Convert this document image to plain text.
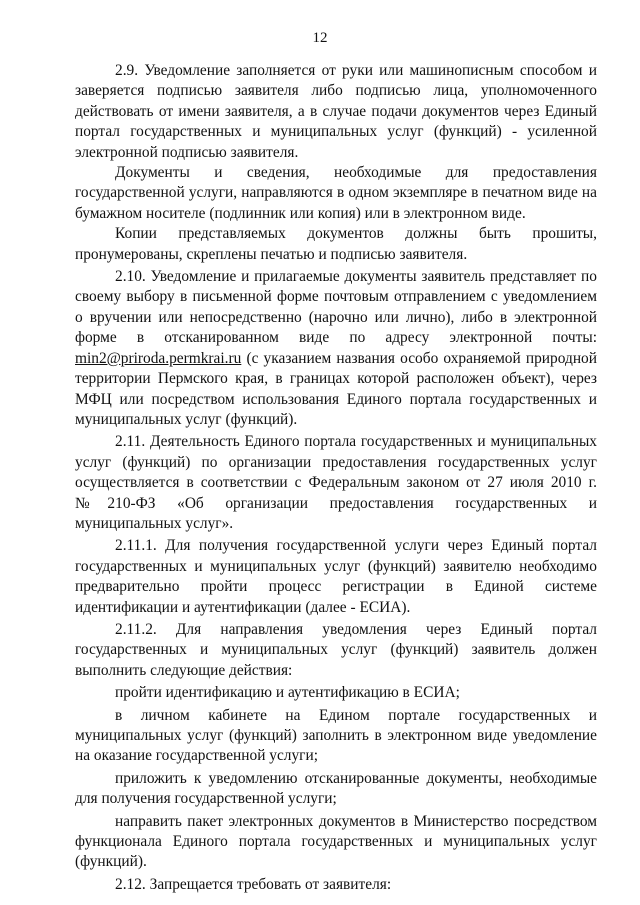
12

2.9. Уведомление заполняется от руки или машинописным способом и заверяется подписью заявителя либо подписью лица, уполномоченного действовать от имени заявителя, а в случае подачи документов через Единый портал государственных и муниципальных услуг (функций) - усиленной электронной подписью заявителя.

Документы и сведения, необходимые для предоставления государственной услуги, направляются в одном экземпляре в печатном виде на бумажном носителе (подлинник или копия) или в электронном виде.

Копии представляемых документов должны быть прошиты, пронумерованы, скреплены печатью и подписью заявителя.

2.10. Уведомление и прилагаемые документы заявитель представляет по своему выбору в письменной форме почтовым отправлением с уведомлением о вручении или непосредственно (нарочно или лично), либо в электронной форме в отсканированном виде по адресу электронной почты: min2@priroda.permkrai.ru (с указанием названия особо охраняемой природной территории Пермского края, в границах которой расположен объект), через МФЦ или посредством использования Единого портала государственных и муниципальных услуг (функций).

2.11. Деятельность Единого портала государственных и муниципальных услуг (функций) по организации предоставления государственных услуг осуществляется в соответствии с Федеральным законом от 27 июля 2010 г. №210-ФЗ «Об организации предоставления государственных и муниципальных услуг».

2.11.1. Для получения государственной услуги через Единый портал государственных и муниципальных услуг (функций) заявителю необходимо предварительно пройти процесс регистрации в Единой системе идентификации и аутентификации (далее - ЕСИА).

2.11.2. Для направления уведомления через Единый портал государственных и муниципальных услуг (функций) заявитель должен выполнить следующие действия:

пройти идентификацию и аутентификацию в ЕСИА;

в личном кабинете на Едином портале государственных и муниципальных услуг (функций) заполнить в электронном виде уведомление на оказание государственной услуги;

приложить к уведомлению отсканированные документы, необходимые для получения государственной услуги;

направить пакет электронных документов в Министерство посредством функционала Единого портала государственных и муниципальных услуг (функций).

2.12. Запрещается требовать от заявителя:
